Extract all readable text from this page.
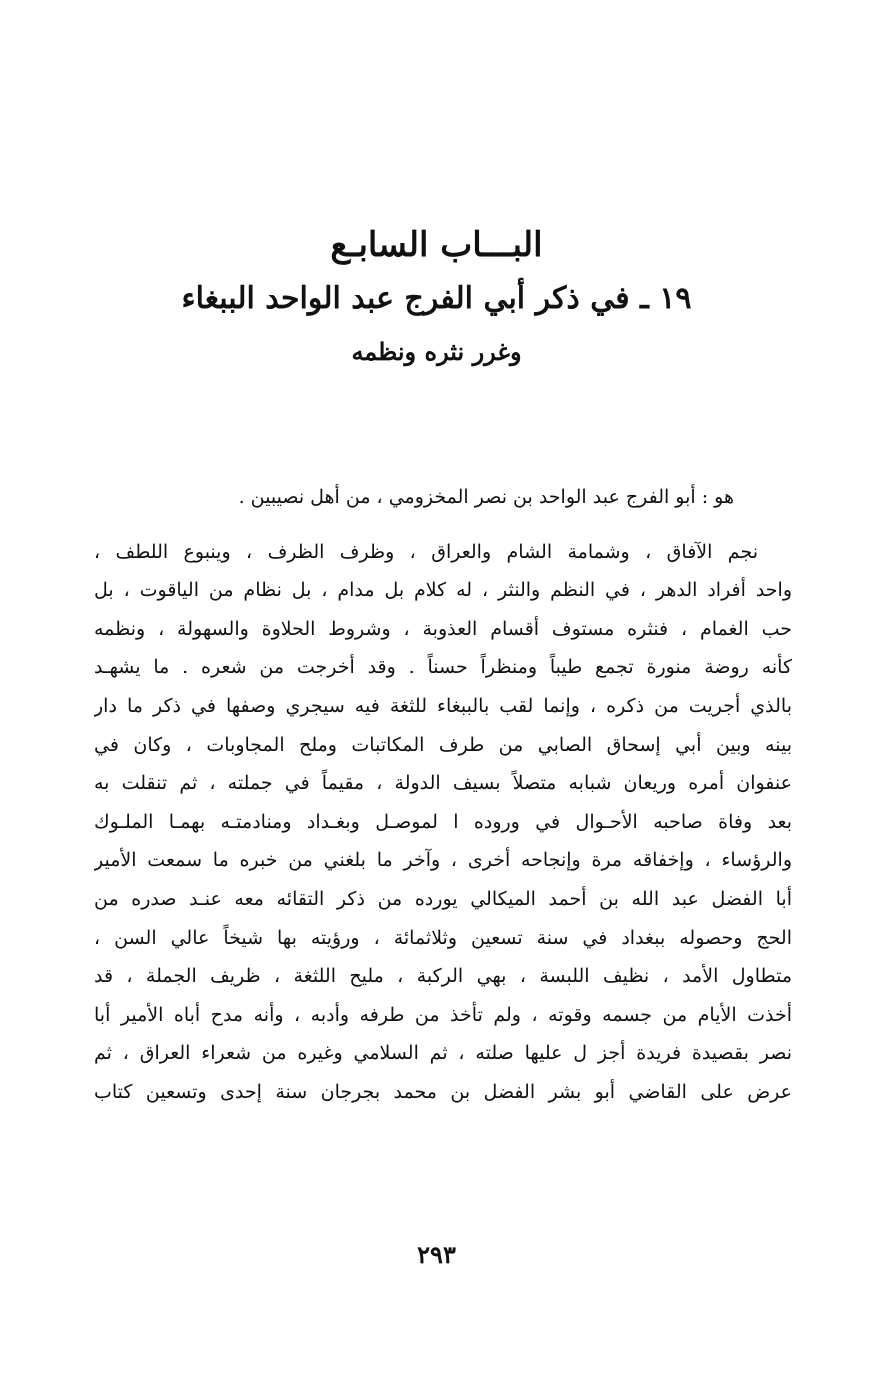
البـــاب السابـع
١٩ ـ في ذكر أبي الفرج عبد الواحد الببغاء
وغرر نثره ونظمه

هو : أبو الفرج عبد الواحد بن نصر المخزومي ، من أهل نصيبين .

نجم الآفاق ، وشمامة الشام والعراق ، وظرف الظرف ، وينبوع اللطف ،
واحد أفراد الدهر ، في النظم والنثر ، له كلام بل مدام ، بل نظام من الياقوت ، بل
حب الغمام ، فنثره مستوف أقسام العذوبة ، وشروط الحلاوة والسهولة ، ونظمه
كأنه روضة منورة تجمع طيباً ومنظراً حسناً . وقد أخرجت من شعره . ما يشهـد
بالذي أجريت من ذكره ، وإنما لقب بالببغاء للثغة فيه سيجري وصفها في ذكر ما دار
بينه وبين أبي إسحاق الصابي من طرف المكاتبات وملح المجاوبات ، وكان في
عنفوان أمره وريعان شبابه متصلاً بسيف الدولة ، مقيماً في جملته ، ثم تنقلت به
بعد وفاة صاحبه الأحـوال في وروده ا لموصـل وبغـداد ومنادمتـه بهمـا الملـوك
والرؤساء ، وإخفاقه مرة وإنجاحه أخرى ، وآخر ما بلغني من خبره ما سمعت الأمير
أبا الفضل عبد الله بن أحمد الميكالي يورده من ذكر التقائه معه عنـد صدره من
الحج وحصوله ببغداد في سنة تسعين وثلاثمائة ، ورؤيته بها شيخاً عالي السن ،
متطاول الأمد ، نظيف اللبسة ، بهي الركبة ، مليح اللثغة ، ظريف الجملة ، قد
أخذت الأيام من جسمه وقوته ، ولم تأخذ من طرفه وأدبه ، وأنه مدح أباه الأمير أبا
نصر بقصيدة فريدة أجز ل عليها صلته ، ثم السلامي وغيره من شعراء العراق ، ثم
عرض على القاضي أبو بشر الفضل بن محمد بجرجان سنة إحدى وتسعين كتاب
٢٩٣
